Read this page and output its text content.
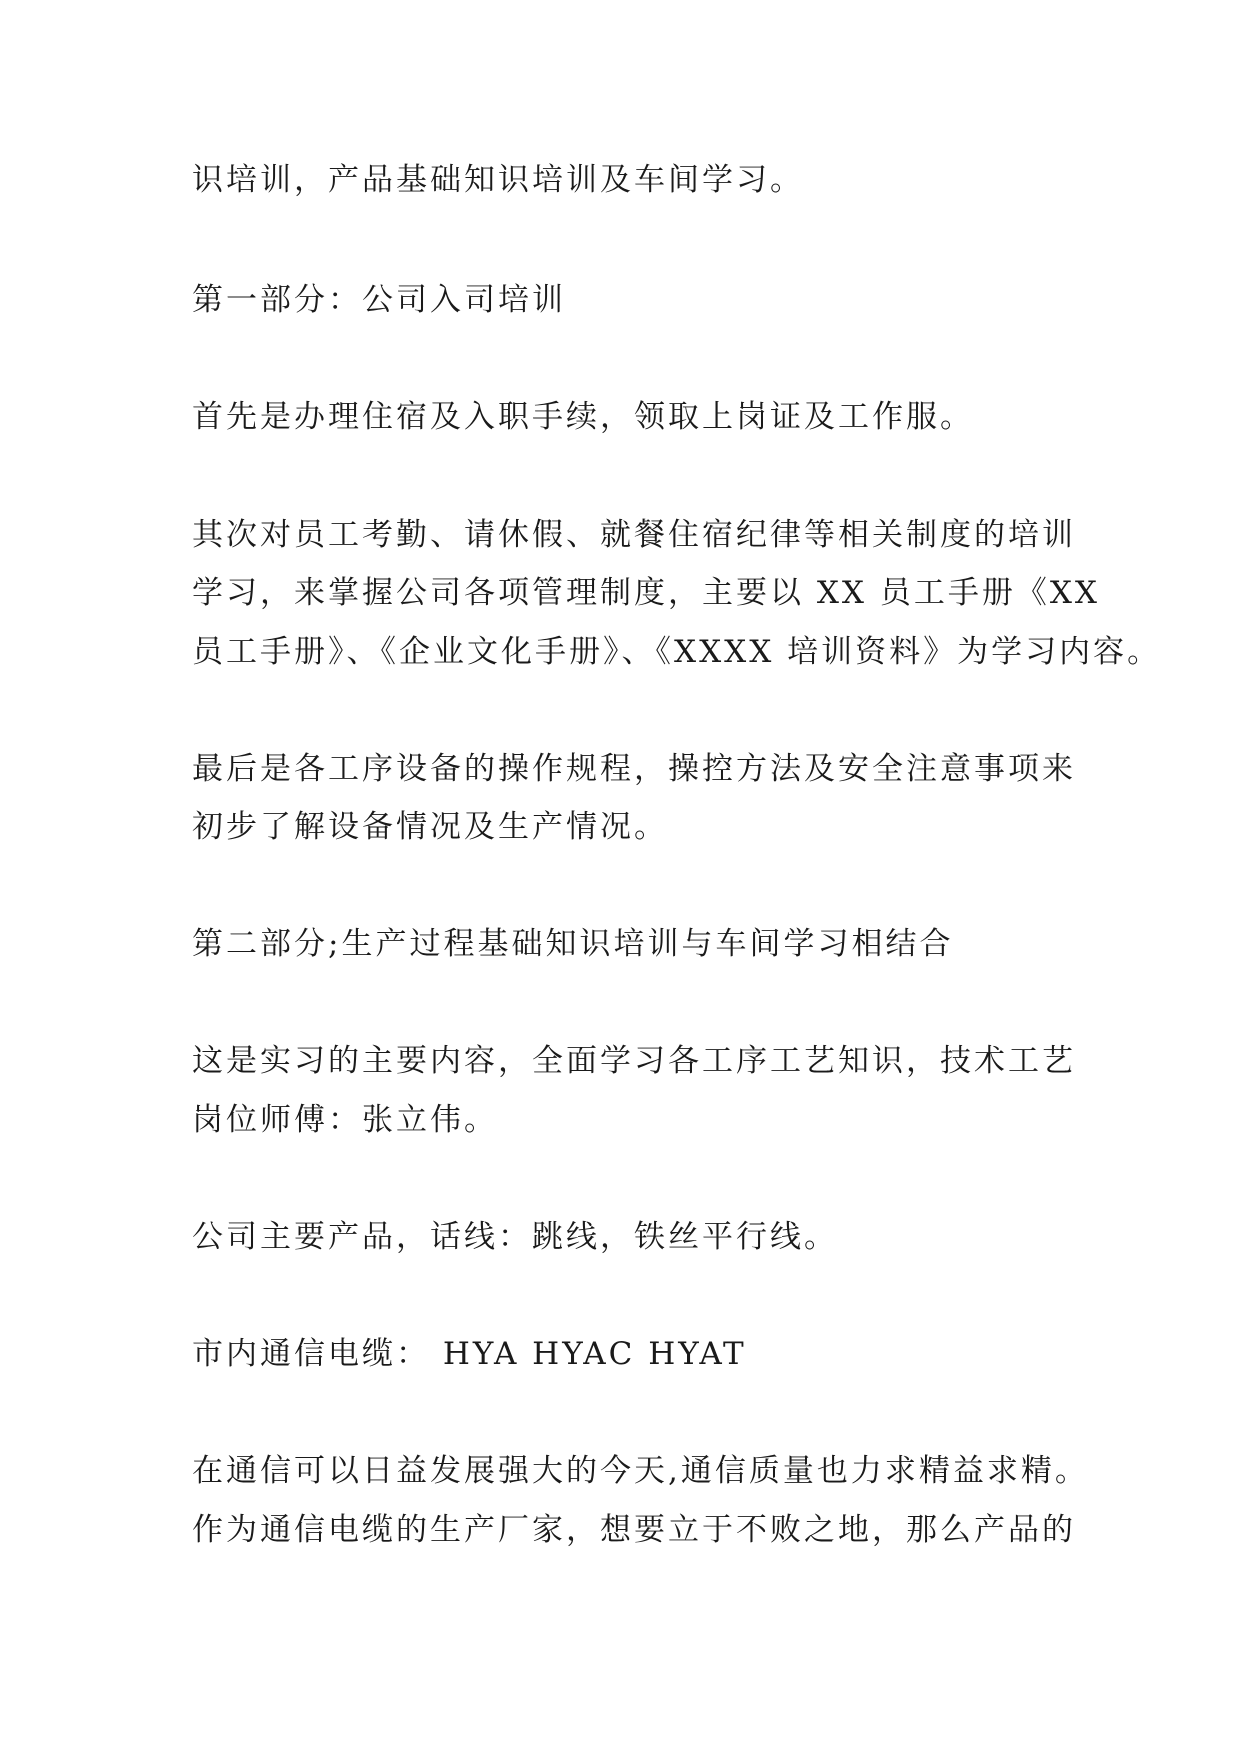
识培训，产品基础知识培训及车间学习。
第一部分：公司入司培训
首先是办理住宿及入职手续，领取上岗证及工作服。
其次对员工考勤、请休假、就餐住宿纪律等相关制度的培训
学习，来掌握公司各项管理制度，主要以 XX 员工手册《XX
员工手册》、《企业文化手册》、《XXXX 培训资料》为学习内容。
最后是各工序设备的操作规程，操控方法及安全注意事项来
初步了解设备情况及生产情况。
第二部分;生产过程基础知识培训与车间学习相结合
这是实习的主要内容，全面学习各工序工艺知识，技术工艺
岗位师傅：张立伟。
公司主要产品，话线：跳线，铁丝平行线。
市内通信电缆： HYA HYAC HYAT
在通信可以日益发展强大的今天,通信质量也力求精益求精。
作为通信电缆的生产厂家，想要立于不败之地，那么产品的
